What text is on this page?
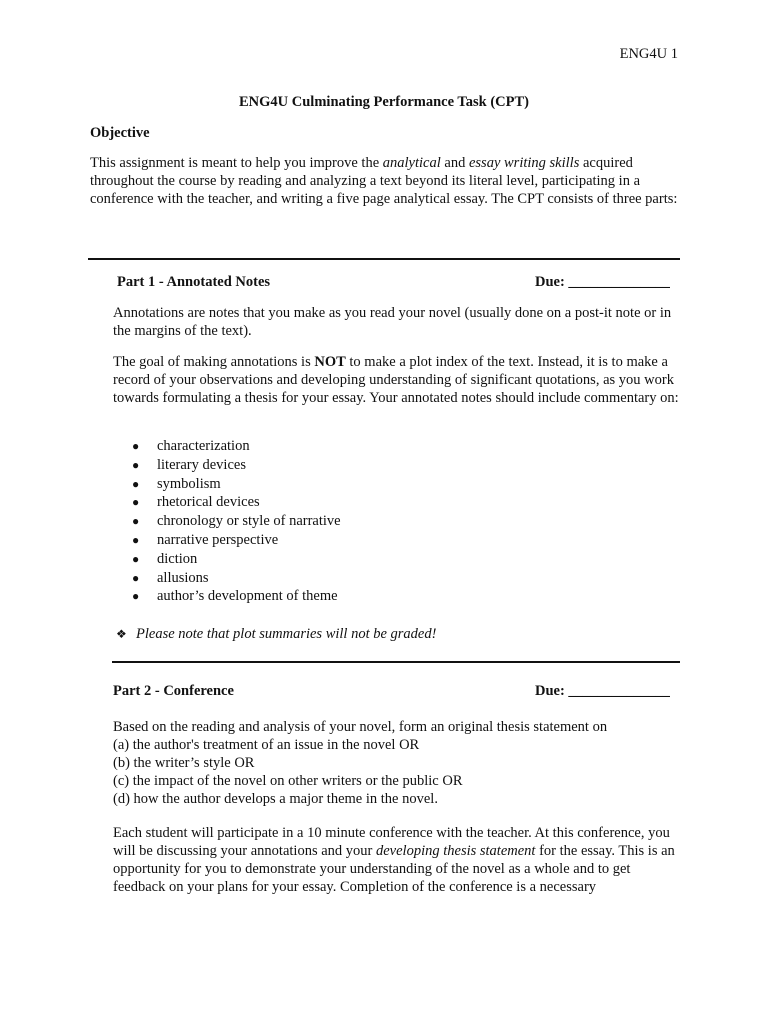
ENG4U 1
ENG4U Culminating Performance Task (CPT)
Objective
This assignment is meant to help you improve the analytical and essay writing skills acquired throughout the course by reading and analyzing a text beyond its literal level, participating in a conference with the teacher, and writing a five page analytical essay. The CPT consists of three parts:
Part 1 - Annotated Notes	Due: ______________
Annotations are notes that you make as you read your novel (usually done on a post-it note or in the margins of the text).
The goal of making annotations is NOT to make a plot index of the text. Instead, it is to make a record of your observations and developing understanding of significant quotations, as you work towards formulating a thesis for your essay. Your annotated notes should include commentary on:
● characterization
● literary devices
● symbolism
● rhetorical devices
● chronology or style of narrative
● narrative perspective
● diction
● allusions
● author’s development of theme
❖ Please note that plot summaries will not be graded!
Part 2 - Conference	Due: ______________
Based on the reading and analysis of your novel, form an original thesis statement on
(a) the author's treatment of an issue in the novel OR
(b) the writer’s style OR
(c) the impact of the novel on other writers or the public OR
(d) how the author develops a major theme in the novel.
Each student will participate in a 10 minute conference with the teacher. At this conference, you will be discussing your annotations and your developing thesis statement for the essay. This is an opportunity for you to demonstrate your understanding of the novel as a whole and to get feedback on your plans for your essay. Completion of the conference is a necessary
